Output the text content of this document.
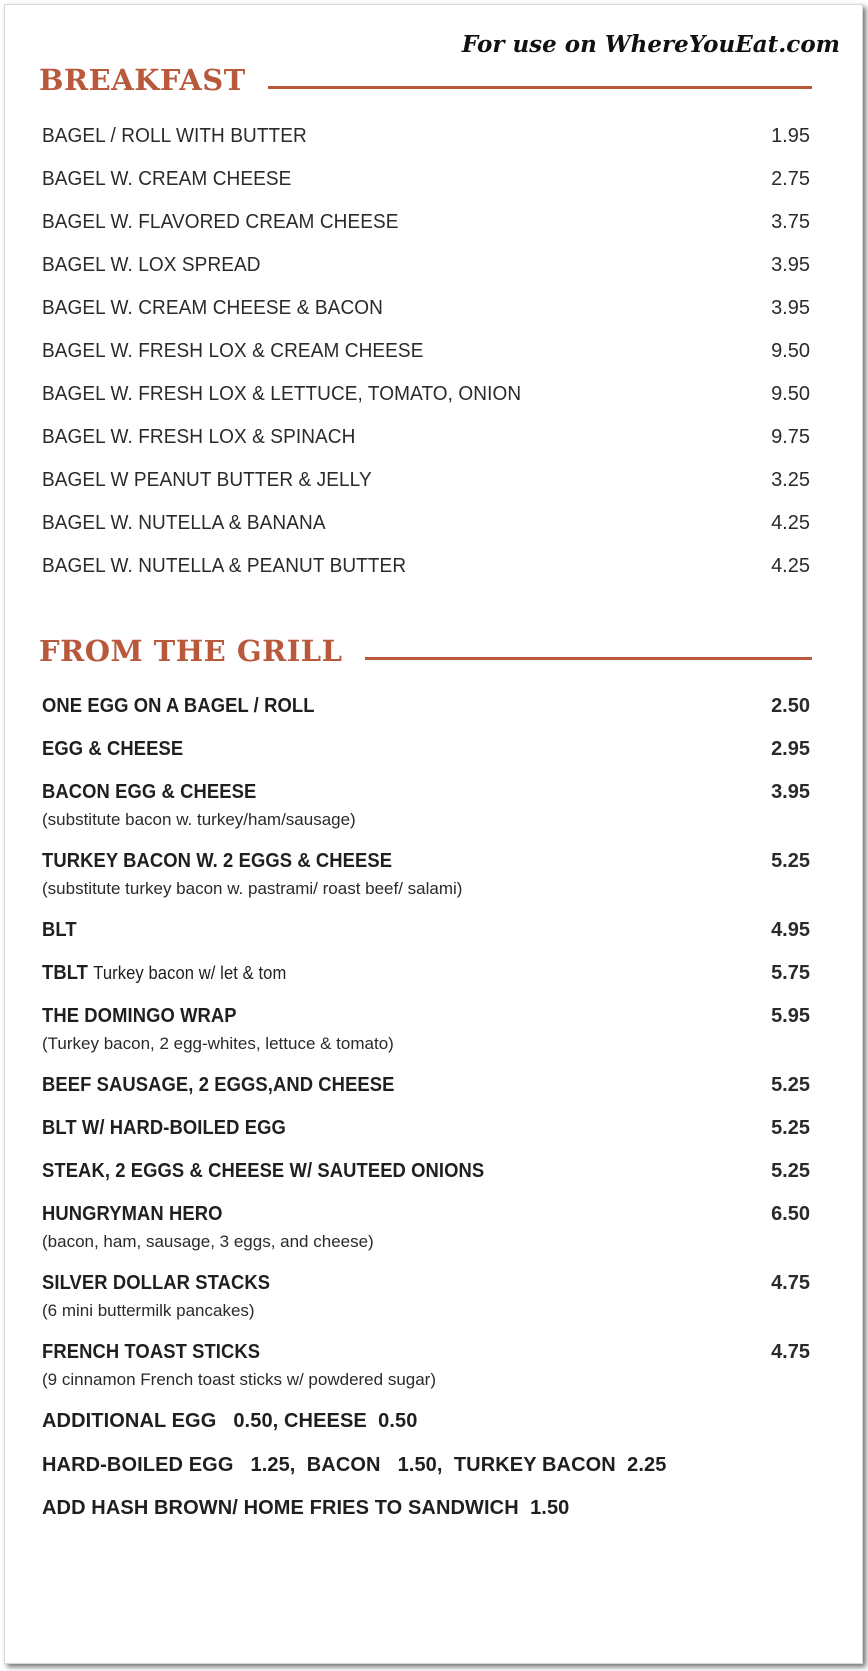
For use on WhereYouEat.com
BREAKFAST
BAGEL / ROLL WITH BUTTER	1.95
BAGEL W. CREAM CHEESE	2.75
BAGEL W. FLAVORED CREAM CHEESE	3.75
BAGEL W. LOX SPREAD	3.95
BAGEL W. CREAM CHEESE & BACON	3.95
BAGEL W. FRESH LOX & CREAM CHEESE	9.50
BAGEL W. FRESH LOX & LETTUCE, TOMATO, ONION	9.50
BAGEL W. FRESH LOX & SPINACH	9.75
BAGEL W PEANUT BUTTER & JELLY	3.25
BAGEL W. NUTELLA & BANANA	4.25
BAGEL W. NUTELLA & PEANUT BUTTER	4.25
FROM THE GRILL
ONE EGG ON A BAGEL / ROLL	2.50
EGG & CHEESE	2.95
BACON EGG & CHEESE	3.95
(substitute bacon w. turkey/ham/sausage)
TURKEY BACON W. 2 EGGS & CHEESE	5.25
(substitute turkey bacon w. pastrami/ roast beef/ salami)
BLT	4.95
TBLT Turkey bacon w/ let & tom	5.75
THE DOMINGO WRAP	5.95
(Turkey bacon, 2 egg-whites, lettuce & tomato)
BEEF SAUSAGE, 2 EGGS,AND CHEESE	5.25
BLT W/ HARD-BOILED EGG	5.25
STEAK, 2 EGGS & CHEESE W/ SAUTEED ONIONS	5.25
HUNGRYMAN HERO	6.50
(bacon, ham, sausage, 3 eggs, and cheese)
SILVER DOLLAR STACKS	4.75
(6 mini buttermilk pancakes)
FRENCH TOAST STICKS	4.75
(9 cinnamon French toast sticks w/ powdered sugar)
ADDITIONAL EGG   0.50, CHEESE  0.50
HARD-BOILED EGG   1.25,  BACON   1.50,  TURKEY BACON  2.25
ADD HASH BROWN/ HOME FRIES TO SANDWICH  1.50
